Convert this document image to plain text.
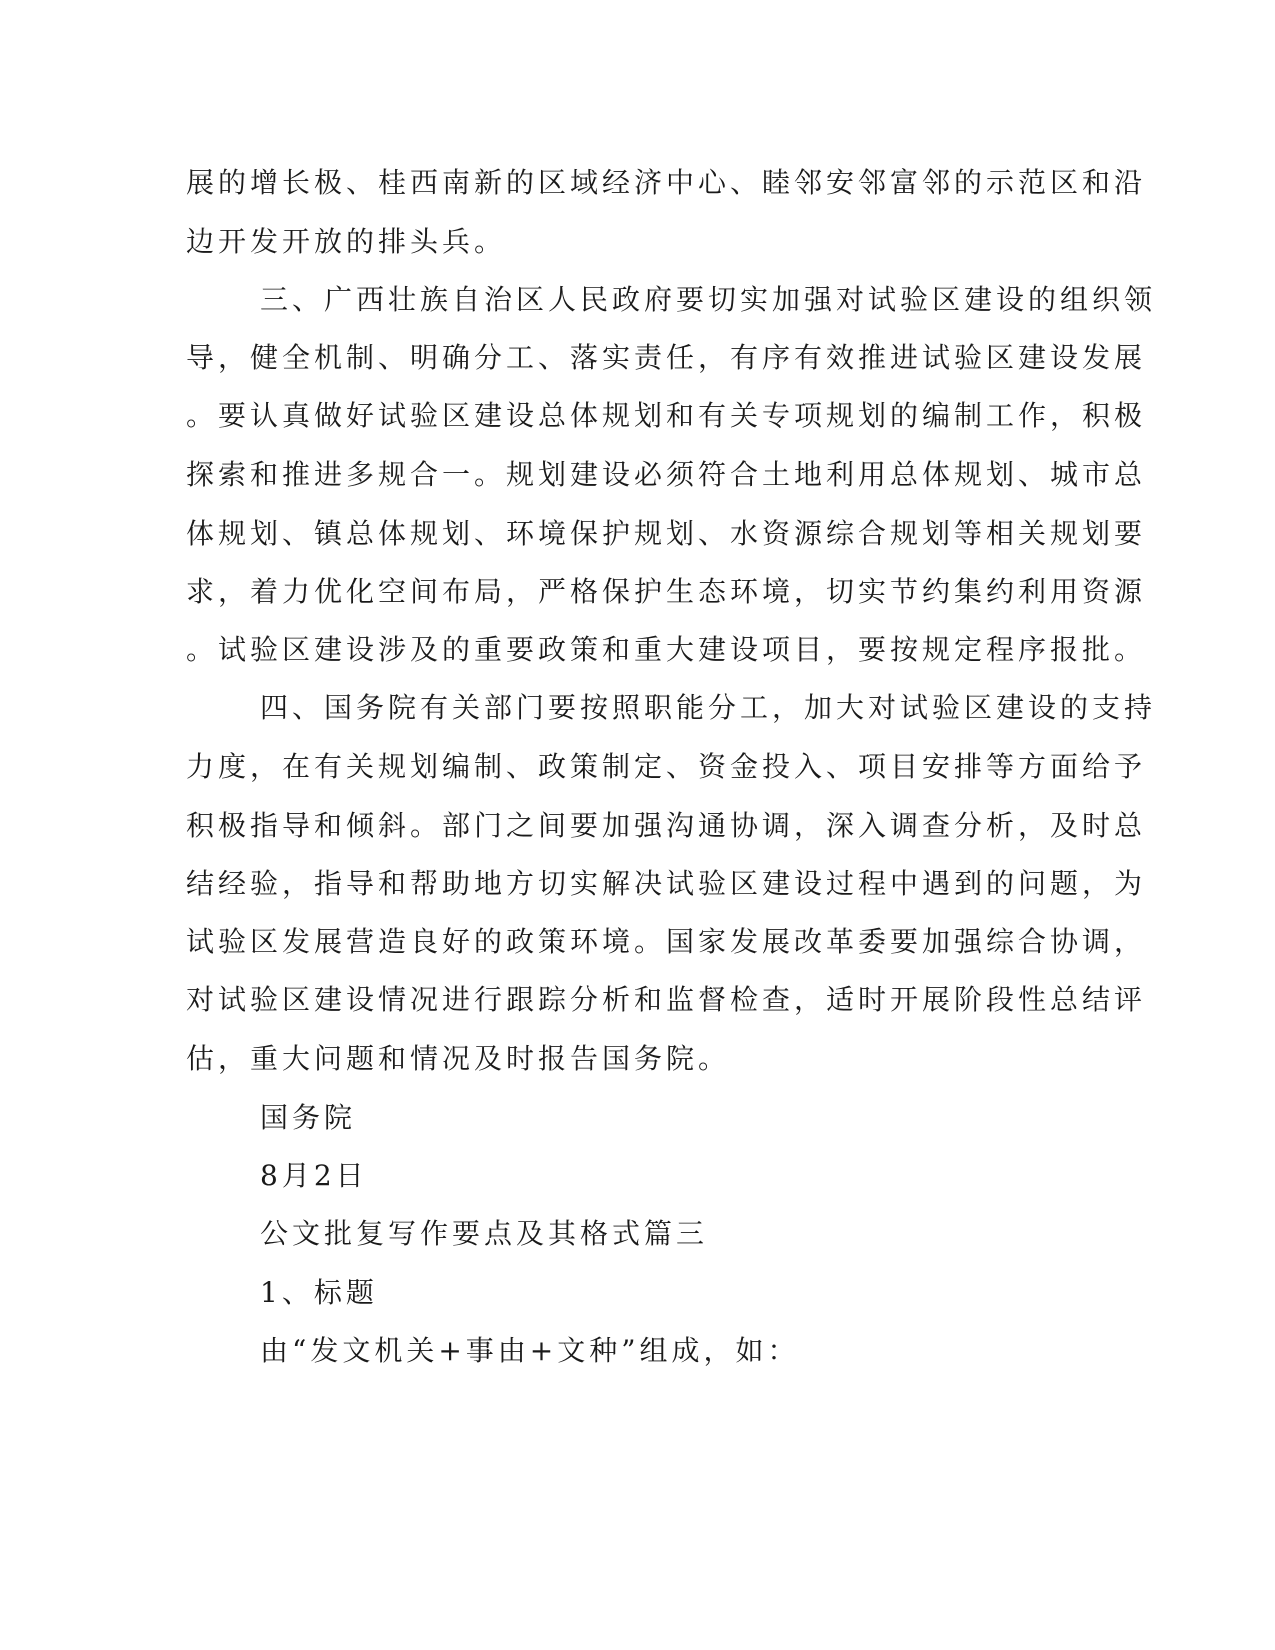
展的增长极、桂西南新的区域经济中心、睦邻安邻富邻的示范区和沿
边开发开放的排头兵。
三、广西壮族自治区人民政府要切实加强对试验区建设的组织领
导，健全机制、明确分工、落实责任，有序有效推进试验区建设发展
。要认真做好试验区建设总体规划和有关专项规划的编制工作，积极
探索和推进多规合一。规划建设必须符合土地利用总体规划、城市总
体规划、镇总体规划、环境保护规划、水资源综合规划等相关规划要
求，着力优化空间布局，严格保护生态环境，切实节约集约利用资源
。试验区建设涉及的重要政策和重大建设项目，要按规定程序报批。
四、国务院有关部门要按照职能分工，加大对试验区建设的支持
力度，在有关规划编制、政策制定、资金投入、项目安排等方面给予
积极指导和倾斜。部门之间要加强沟通协调，深入调查分析，及时总
结经验，指导和帮助地方切实解决试验区建设过程中遇到的问题，为
试验区发展营造良好的政策环境。国家发展改革委要加强综合协调，
对试验区建设情况进行跟踪分析和监督检查，适时开展阶段性总结评
估，重大问题和情况及时报告国务院。
国务院
8月2日
公文批复写作要点及其格式篇三
1、标题
由“发文机关+事由+文种”组成，如：
